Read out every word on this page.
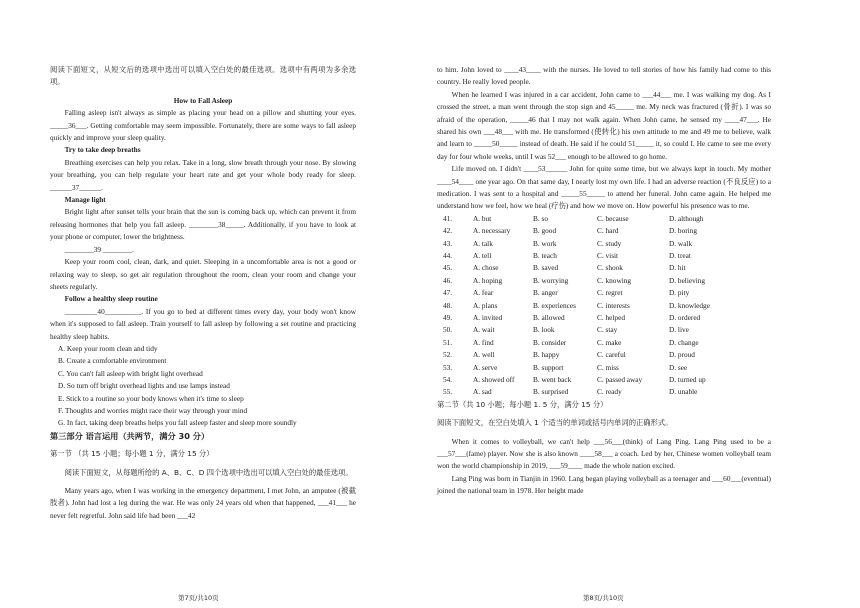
阅读下面短文，从短文后的选项中选出可以填入空白处的最佳选项。选项中有两项为多余选项。

How to Fall Asleep

Falling asleep isn't always as simple as placing your head on a pillow and shutting your eyes. _____36___. Getting comfortable may seem impossible. Fortunately, there are some ways to fall asleep quickly and improve your sleep quality.

Try to take deep breaths

Breathing exercises can help you relax. Take in a long, slow breath through your nose. By slowing your breathing, you can help regulate your heart rate and get your whole body ready for sleep. ______37______.

Manage light

Bright light after sunset tells your brain that the sun is coming back up, which can prevent it from releasing hormones that help you fall asleep. ________38_____. Additionally, if you have to look at your phone or computer, lower the brightness.

________39 ________.

Keep your room cool, clean, dark, and quiet. Sleeping in a uncomfortable area is not a good or relaxing way to sleep, so get air regulation throughout the room, clean your room and change your sheets regularly.

Follow a healthy sleep routine

_________40__________. If you go to bed at different times every day, your body won't know when it's supposed to fall asleep. Train yourself to fall asleep by following a set routine and practicing healthy sleep habits.

A. Keep your room clean and tidy

B. Create a comfortable environment

C. You can't fall asleep with bright light overhead

D. So turn off bright overhead lights and use lamps instead

E. Stick to a routine so your body knows when it's time to sleep

F. Thoughts and worries might race their way through your mind

G. In fact, taking deep breaths helps you fall asleep faster and sleep more soundly

第三部分 语言运用（共两节，满分 30 分）

第一节 （共 15 小题；每小题 1 分，满分 15 分）

阅读下面短文，从每题所给的 A、B、C、D 四个选项中选出可以填入空白处的最佳选项。

Many years ago, when I was working in the emergency department, I met John, an amputee (被截肢者). John had lost a leg during the war. He was only 24 years old when that happened, ___41___ he never felt regretful. John said life had been ___42

to him. John loved to ____43____ with the nurses. He loved to tell stories of how his family had come to this country. He really loved people.

When he learned I was injured in a car accident, John came to ___44___ me. I was walking my dog. As I crossed the street, a man went through the stop sign and 45_____ me. My neck was fractured (骨折). I was so afraid of the operation, _____46 that I may not walk again. When John came, he sensed my ____47___. He shared his own ___48___ with me. He transformed (使转化) his own attitude to me and 49 me to believe, walk and learn to _____50_____ instead of death. He said if he could 51_____ it, so could I. He came to see me every day for four whole weeks, until I was 52___ enough to be allowed to go home.

Life moved on. I didn't ____53______ John for quite some time, but we always kept in touch. My mother ____54____ one year ago. On that same day, I nearly lost my own life. I had an adverse reaction (不良反应) to a medication. I was sent to a hospital and _____55_____ to attend her funeral. John came again. He helped me understand how we feel, how we heal (疗伤) and how we move on. How powerful his presence was to me.

41.	A. but	B. so	C. because	D. although
42.	A. necessary	B. good	C. hard	D. boring
43.	A. talk	B. work	C. study	D. walk
44.	A. tell	B. teach	C. visit	D. treat
45.	A. chose	B. saved	C. shook	D. hit
46.	A. hoping	B. worrying	C. knowing	D. believing
47.	A. fear	B. anger	C. regret	D. pity
48.	A. plans	B. experiences	C. interests	D. knowledge
49.	A. invited	B. allowed	C. helped	D. ordered
50.	A. wait	B. look	C. stay	D. live
51.	A. find	B. consider	C. make	D. change
52.	A. well	B. happy	C. careful	D. proud
53.	A. serve	B. support	C. miss	D. see
54.	A. showed off	B. went back	C. passed away	D. turned up
55.	A. sad	B. surprised	C. ready	D. unable

第二节（共 10 小题；每小题 1. 5 分，满分 15 分）

阅读下面短文，在空白处填入 1 个适当的单词或括号内单词的正确形式。

When it comes to volleyball, we can't help ___56___(think) of Lang Ping. Lang Ping used to be a ___57___(fame) player. Now she is also known ____58___ a coach. Led by her, Chinese women volleyball team won the world championship in 2019, ___59____ made the whole nation excited.

Lang Ping was born in Tianjin in 1960. Lang began playing volleyball as a teenager and ___60___(eventual) joined the national team in 1978. Her height made

第7页/共10页	第8页/共10页
